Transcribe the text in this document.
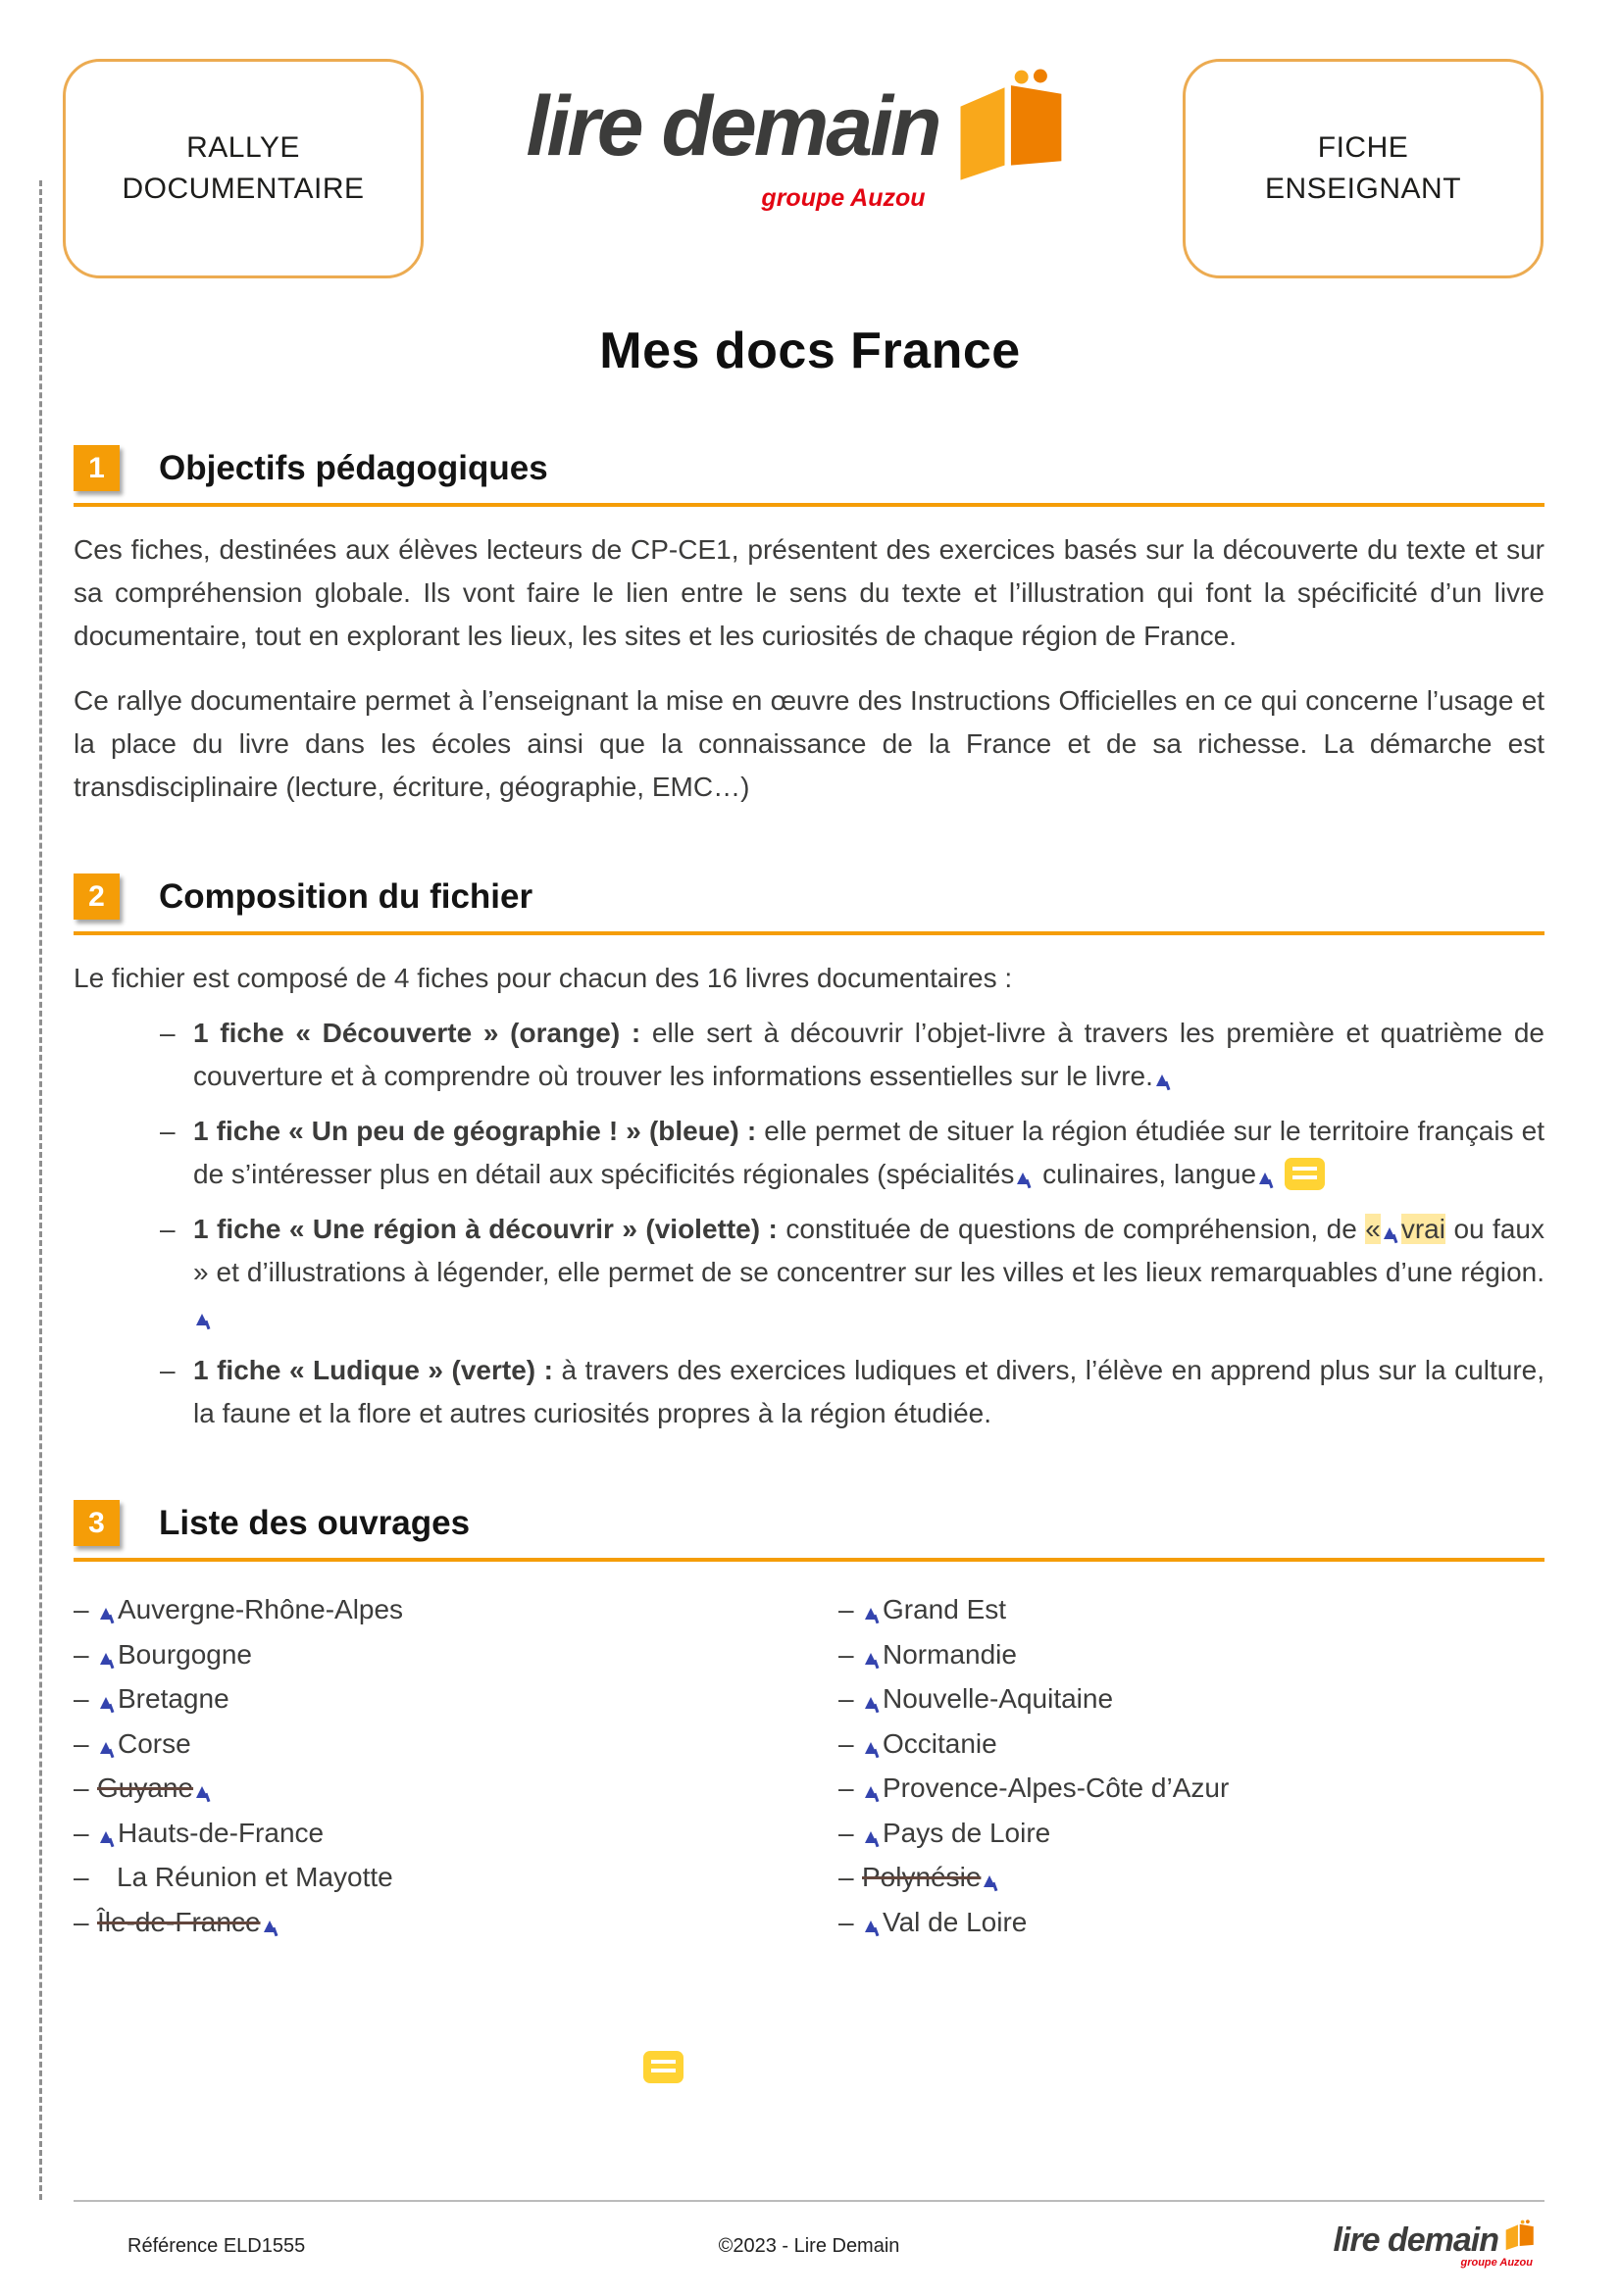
RALLYE
DOCUMENTAIRE
lire demain
groupe Auzou
FICHE
ENSEIGNANT
Mes docs France
1	Objectifs pédagogiques

Ces fiches, destinées aux élèves lecteurs de CP-CE1, présentent des exercices basés sur la découverte du texte et sur sa compréhension globale. Ils vont faire le lien entre le sens du texte et l’illustration qui font la spécificité d’un livre documentaire, tout en explorant les lieux, les sites et les curiosités de chaque région de France.

Ce rallye documentaire permet à l’enseignant la mise en œuvre des Instructions Officielles en ce qui concerne l’usage et la place du livre dans les écoles ainsi que la connaissance de la France et de sa richesse. La démarche est transdisciplinaire (lecture, écriture, géographie, EMC…)

2	Composition du fichier

Le fichier est composé de 4 fiches pour chacun des 16 livres documentaires :

– 1 fiche « Découverte » (orange) : elle sert à découvrir l’objet-livre à travers les première et quatrième de couverture et à comprendre où trouver les informations essentielles sur le livre.
– 1 fiche « Un peu de géographie ! » (bleue) : elle permet de situer la région étudiée sur le territoire français et de s’intéresser plus en détail aux spécificités régionales (spécialités culinaires, langue
– 1 fiche « Une région à découvrir » (violette) : constituée de questions de compréhension, de « vrai ou faux » et d’illustrations à légender, elle permet de se concentrer sur les villes et les lieux remarquables d’une région.
– 1 fiche « Ludique » (verte) : à travers des exercices ludiques et divers, l’élève en apprend plus sur la culture, la faune et la flore et autres curiosités propres à la région étudiée.
3	Liste des ouvrages
– Auvergne-Rhône-Alpes
– Bourgogne
– Bretagne
– Corse
– Guyane
– Hauts-de-France
– La Réunion et Mayotte
– Île-de-France
– Grand Est
– Normandie
– Nouvelle-Aquitaine
– Occitanie
– Provence-Alpes-Côte d’Azur
– Pays de Loire
– Polynésie
– Val de Loire
Référence ELD1555	©2023 - Lire Demain	lire demain
groupe Auzou
